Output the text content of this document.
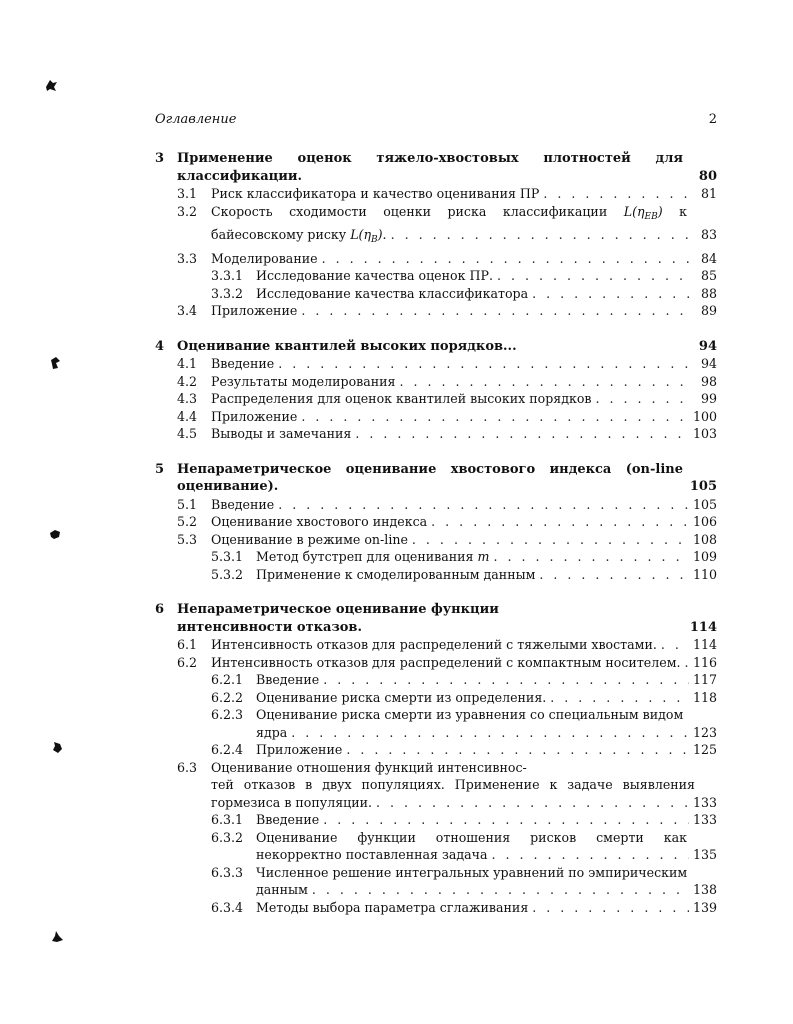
Оглавление	2
3 Применение оценок тяжело-хвостовых плотностей для
классификации.	80
3.1 Риск классификатора и качество оценивания ПР . . .	81
3.2 Скорость сходимости оценки риска классификации $L(\eta_{EB})$ к
байесовскому риску $L(\eta_B)$. . . .	83
3.3 Моделирование . . .	84
3.3.1 Исследование качества оценок ПР. . . .	85
3.3.2 Исследование качества классификатора . . .	88
3.4 Приложение . . .	89
4 Оценивание квантилей высоких порядков...	94
4.1 Введение . . .	94
4.2 Результаты моделирования . . .	98
4.3 Распределения для оценок квантилей высоких порядков . . .	99
4.4 Приложение . . .	100
4.5 Выводы и замечания . . .	103
5 Непараметрическое оценивание хвостового индекса (on-line
оценивание).	105
5.1 Введение . . .	105
5.2 Оценивание хвостового индекса . . .	106
5.3 Оценивание в режиме on-line . . .	108
5.3.1 Метод бутстреп для оценивания m . . .	109
5.3.2 Применение к смоделированным данным . . .	110
6 Непараметрическое оценивание функции
интенсивности отказов.	114
6.1 Интенсивность отказов для распределений с тяжелыми хвостами. . . .	114
6.2 Интенсивность отказов для распределений с компактным носителем. . . . 116
6.2.1 Введение . . .	117
6.2.2 Оценивание риска смерти из определения. . . .	118
6.2.3 Оценивание риска смерти из уравнения со специальным видом
ядра . . .	123
6.2.4 Приложение . . .	125
6.3 Оценивание отношения функций интенсивнос-
тей отказов в двух популяциях. Применение к задаче выявления
гормезиса в популяции. . . .	133
6.3.1 Введение . . .	133
6.3.2 Оценивание функции отношения рисков смерти как
некорректно поставленная задача . . .	135
6.3.3 Численное решение интегральных уравнений по эмпирическим
данным . . .	138
6.3.4 Методы выбора параметра сглаживания . . .	139
